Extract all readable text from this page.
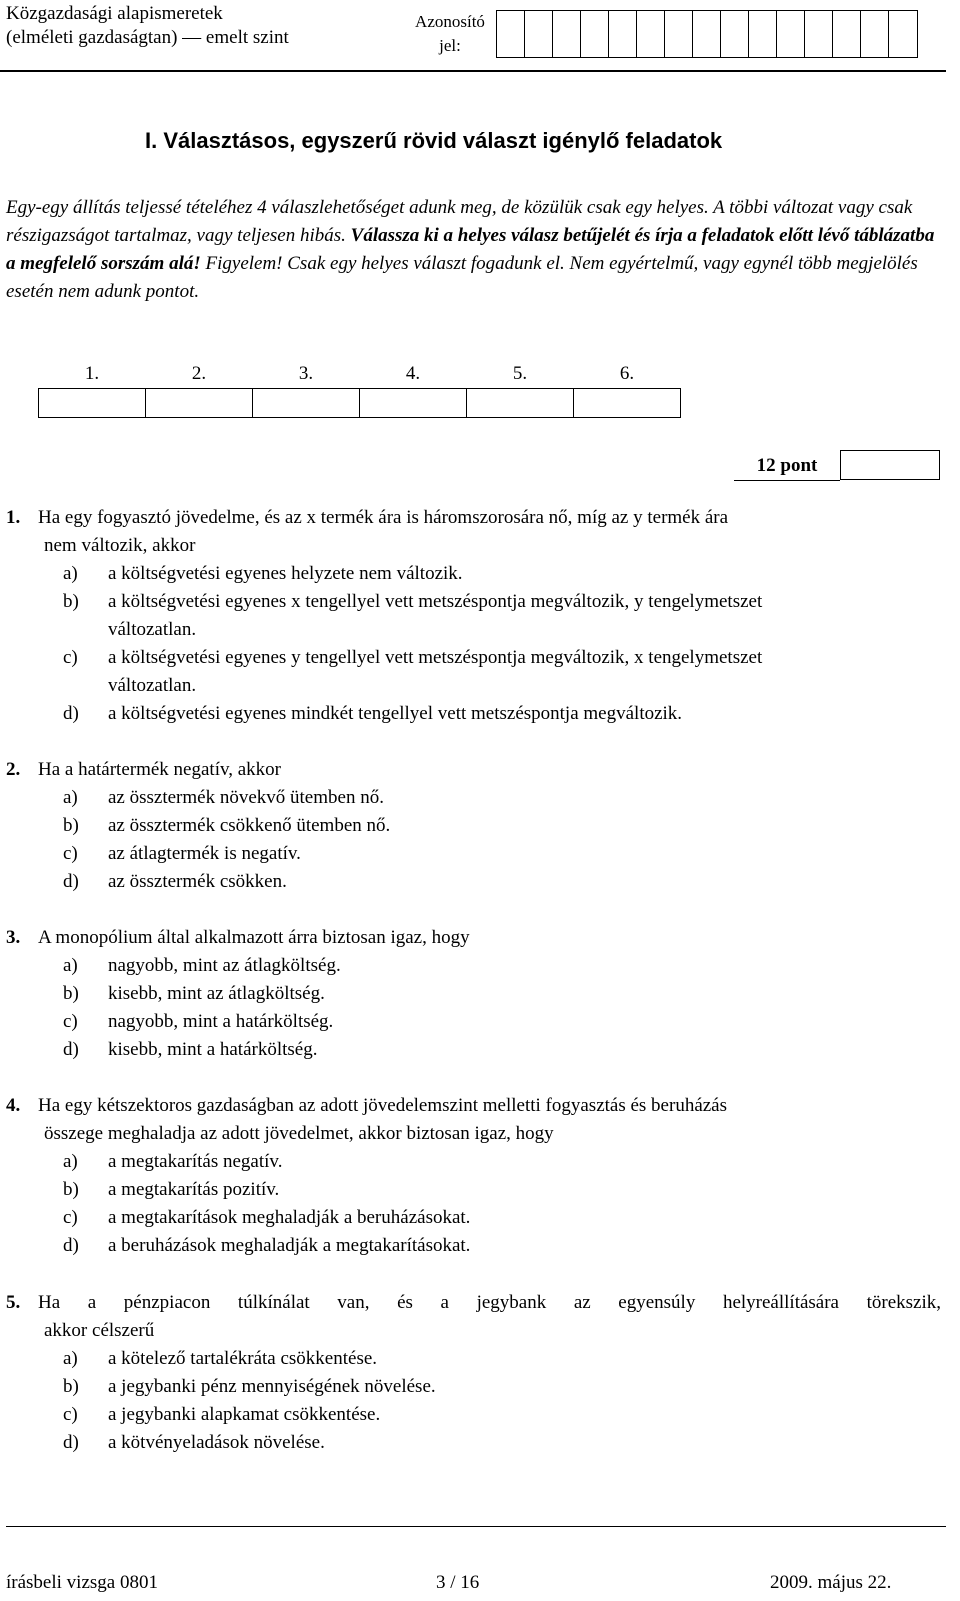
Közgazdasági alapismeretek
(elméleti gazdaságtan) — emelt szint
Azonosító
jel:
I. Választásos, egyszerű rövid választ igénylő feladatok
Egy-egy állítás teljessé tételéhez 4 válaszlehetőséget adunk meg, de közülük csak egy helyes. A többi változat vagy csak részigazságot tartalmaz, vagy teljesen hibás. Válassza ki a helyes válasz betűjelét és írja a feladatok előtt lévő táblázatba a megfelelő sorszám alá! Figyelem! Csak egy helyes választ fogadunk el. Nem egyértelmű, vagy egynél több megjelölés esetén nem adunk pontot.
1.	2.	3.	4.	5.	6.

12 pont
1. Ha egy fogyasztó jövedelme, és az x termék ára is háromszorosára nő, míg az y termék ára
nem változik, akkor
a)	a költségvetési egyenes helyzete nem változik.
b)	a költségvetési egyenes x tengellyel vett metszéspontja megváltozik, y tengelymetszet változatlan.
c)	a költségvetési egyenes y tengellyel vett metszéspontja megváltozik, x tengelymetszet változatlan.
d)	a költségvetési egyenes mindkét tengellyel vett metszéspontja megváltozik.
2. Ha a határtermék negatív, akkor
a)	az össztermék növekvő ütemben nő.
b)	az össztermék csökkenő ütemben nő.
c)	az átlagtermék is negatív.
d)	az össztermék csökken.
3. A monopólium által alkalmazott árra biztosan igaz, hogy
a)	nagyobb, mint az átlagköltség.
b)	kisebb, mint az átlagköltség.
c)	nagyobb, mint a határköltség.
d)	kisebb, mint a határköltség.
4. Ha egy kétszektoros gazdaságban az adott jövedelemszint melletti fogyasztás és beruházás
összege meghaladja az adott jövedelmet, akkor biztosan igaz, hogy
a)	a megtakarítás negatív.
b)	a megtakarítás pozitív.
c)	a megtakarítások meghaladják a beruházásokat.
d)	a beruházások meghaladják a megtakarításokat.
5. Ha a pénzpiacon túlkínálat van, és a jegybank az egyensúly helyreállítására törekszik,
akkor célszerű
a)	a kötelező tartalékráta csökkentése.
b)	a jegybanki pénz mennyiségének növelése.
c)	a jegybanki alapkamat csökkentése.
d)	a kötvényeladások növelése.
írásbeli vizsga 0801	3 / 16	2009. május 22.
